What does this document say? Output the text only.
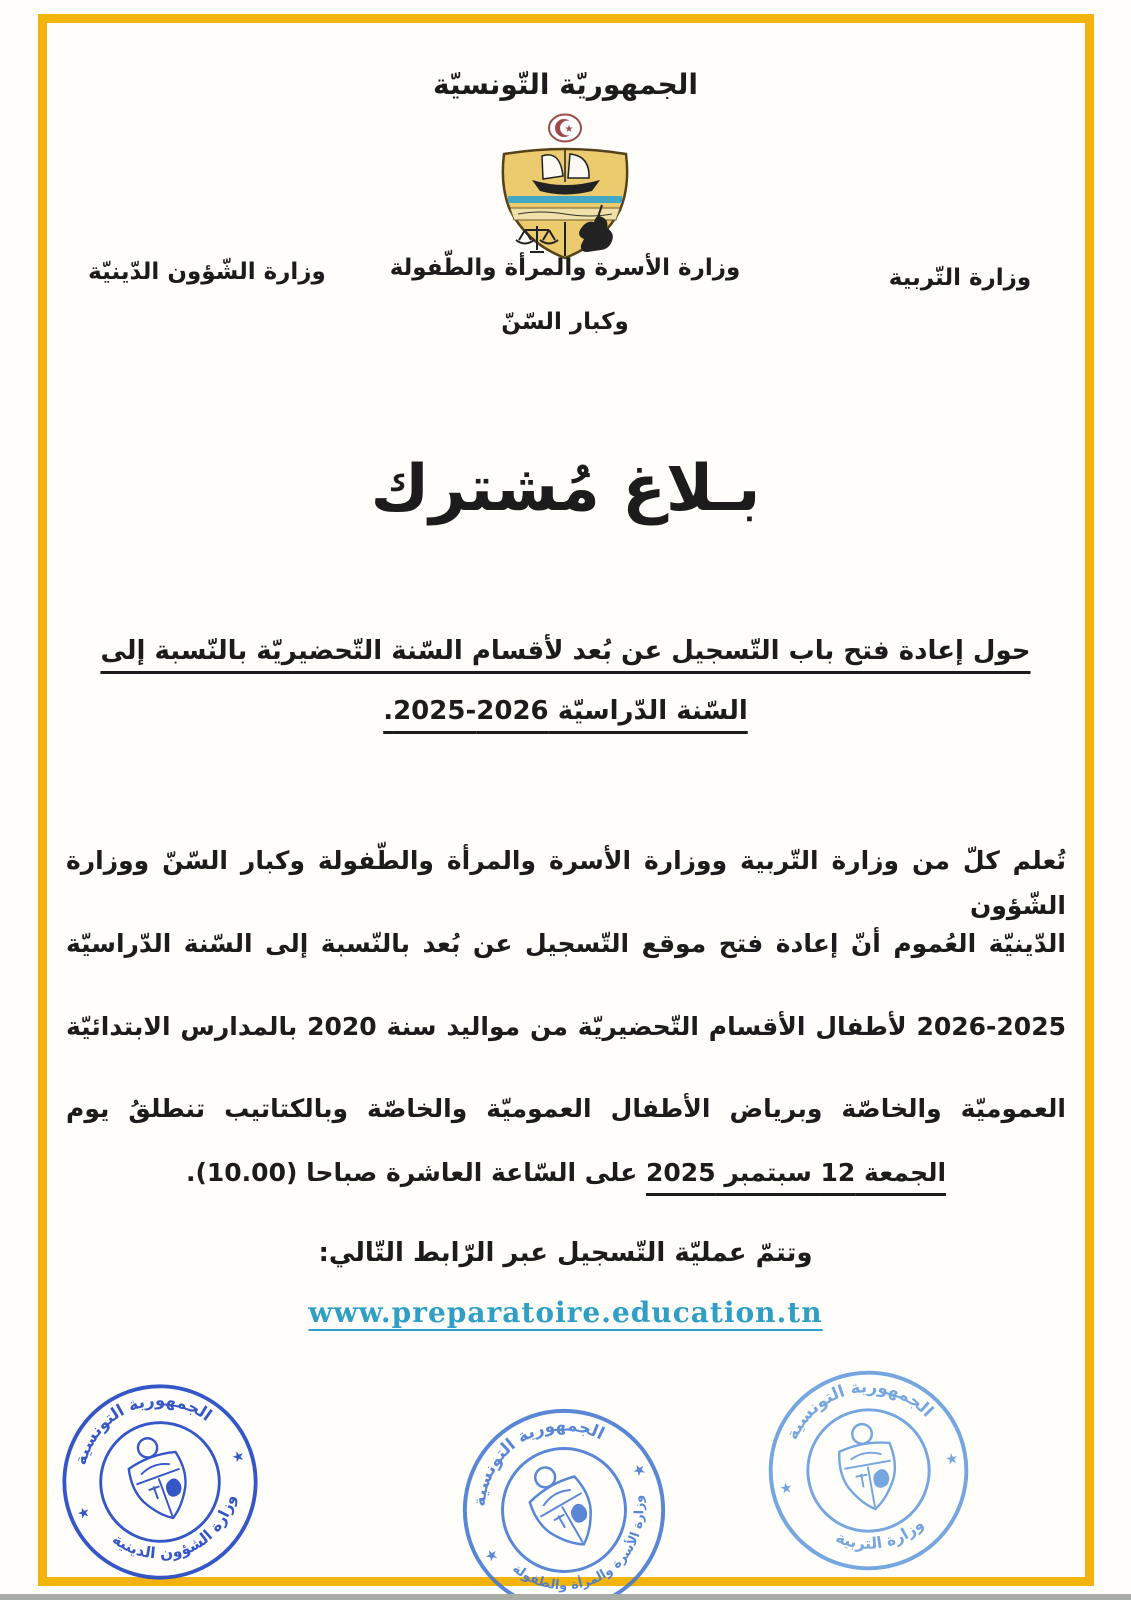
الجمهوريّة التّونسيّة
★
وزارة التّربية
وزارة الأسرة والمرأة والطّفولة
وكبار السّنّ
وزارة الشّؤون الدّينيّة
بـلاغ مُشترك
حول إعادة فتح باب التّسجيل عن بُعد لأقسام السّنة التّحضيريّة بالنّسبة إلى
السّنة الدّراسيّة 2026-2025.
تُعلم كلّ من وزارة التّربية ووزارة الأسرة والمرأة والطّفولة وكبار السّنّ ووزارة الشّؤون
الدّينيّة العُموم أنّ إعادة فتح موقع التّسجيل عن بُعد بالنّسبة إلى السّنة الدّراسيّة
2026-2025 لأطفال الأقسام التّحضيريّة من مواليد سنة 2020 بالمدارس الابتدائيّة
العموميّة والخاصّة وبرياض الأطفال العموميّة والخاصّة وبالكتاتيب تنطلقُ يوم
الجمعة 12 سبتمبر 2025 على السّاعة العاشرة صباحا (10.00).
وتتمّ عمليّة التّسجيل عبر الرّابط التّالي:
www.preparatoire.education.tn
الجمهورية التونسية
وزارة الشؤون الدينية
★
★
الجمهورية التونسية
وزارة الأسرة والمرأة والطفولة
★
★
الجمهورية التونسية
وزارة التربية
★
★
